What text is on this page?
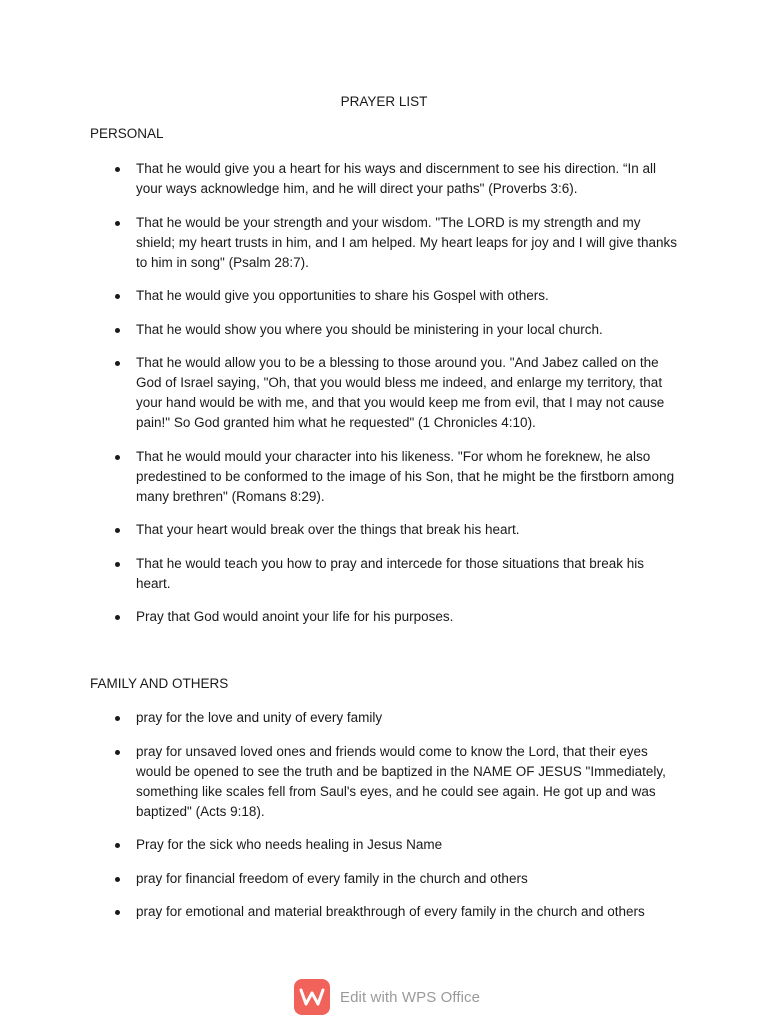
PRAYER LIST
PERSONAL
That he would give you a heart for his ways and discernment to see his direction. “In all your ways acknowledge him, and he will direct your paths" (Proverbs 3:6).
That he would be your strength and your wisdom. "The LORD is my strength and my shield; my heart trusts in him, and I am helped. My heart leaps for joy and I will give thanks to him in song" (Psalm 28:7).
That he would give you opportunities to share his Gospel with others.
That he would show you where you should be ministering in your local church.
That he would allow you to be a blessing to those around you. "And Jabez called on the God of Israel saying, "Oh, that you would bless me indeed, and enlarge my territory, that your hand would be with me, and that you would keep me from evil, that I may not cause pain!" So God granted him what he requested" (1 Chronicles 4:10).
That he would mould your character into his likeness. "For whom he foreknew, he also predestined to be conformed to the image of his Son, that he might be the firstborn among many brethren" (Romans 8:29).
That your heart would break over the things that break his heart.
That he would teach you how to pray and intercede for those situations that break his heart.
Pray that God would anoint your life for his purposes.
FAMILY AND OTHERS
pray for the love and unity of every family
pray for unsaved loved ones and friends would come to know the Lord, that their eyes would be opened to see the truth and be baptized in the NAME OF JESUS "Immediately, something like scales fell from Saul's eyes, and he could see again. He got up and was baptized" (Acts 9:18).
Pray for the sick who needs healing in Jesus Name
pray for financial freedom of every family in the church and others
pray for emotional and material breakthrough of every family in the church and others
Edit with WPS Office
